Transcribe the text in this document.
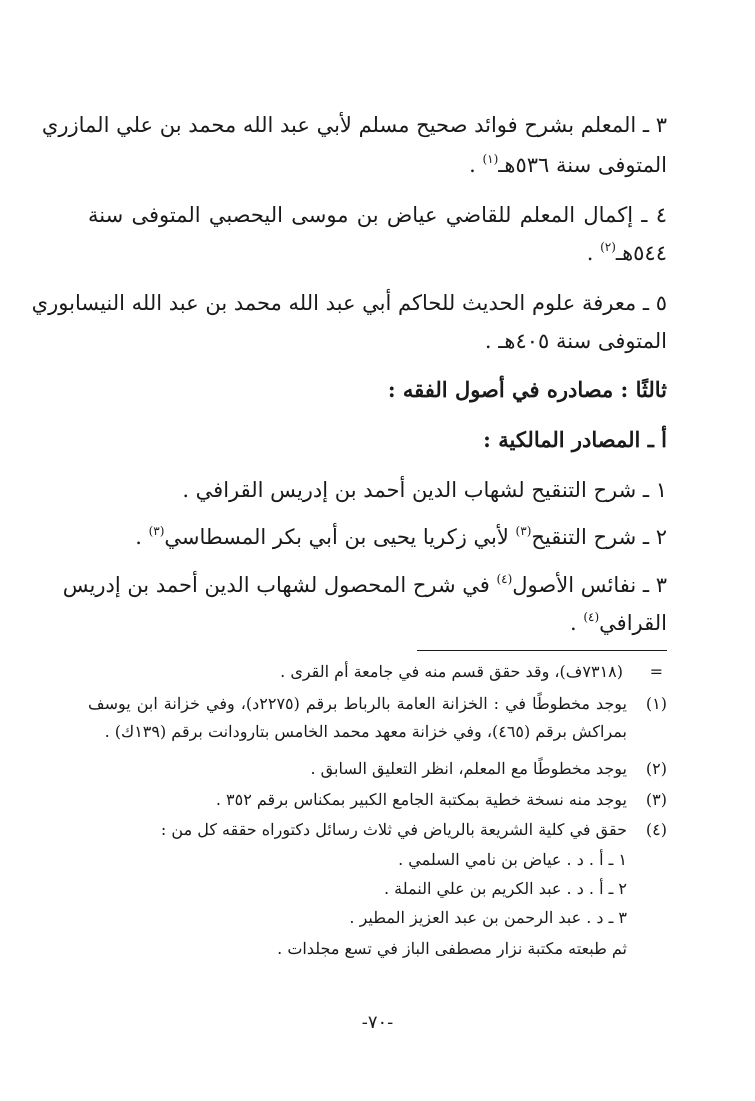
٣ ـ المعلم بشرح فوائد صحيح مسلم لأبي عبد الله محمد بن علي المازري
المتوفى سنة ٥٣٦هـ$^{(١)}$ .
٤ ـ إكمال المعلم للقاضي عياض بن موسى اليحصبي المتوفى سنة
٥٤٤هـ$^{(٢)}$ .
٥ ـ معرفة علوم الحديث للحاكم أبي عبد الله محمد بن عبد الله النيسابوري
المتوفى سنة ٤٠٥هـ .
ثالثًا : مصادره في أصول الفقه :
أ ـ المصادر المالكية :
١ ـ شرح التنقيح لشهاب الدين أحمد بن إدريس القرافي .
٢ ـ شرح التنقيح$^{(٣)}$ لأبي زكريا يحيى بن أبي بكر المسطاسي$^{(٣)}$ .
٣ ـ نفائس الأصول$^{(٤)}$ في شرح المحصول لشهاب الدين أحمد بن إدريس
القرافي$^{(٤)}$ .
=
(٧٣١٨ف)، وقد حقق قسم منه في جامعة أم القرى .
(١)
يوجد مخطوطًا في : الخزانة العامة بالرباط برقم (٢٢٧٥د)، وفي خزانة ابن يوسف
بمراكش برقم (٤٦٥)، وفي خزانة معهد محمد الخامس بتارودانت برقم (١٣٩ك) .
(٢)
يوجد مخطوطًا مع المعلم، انظر التعليق السابق .
(٣)
يوجد منه نسخة خطية بمكتبة الجامع الكبير بمكناس برقم ٣٥٢ .
(٤)
حقق في كلية الشريعة بالرياض في ثلاث رسائل دكتوراه حققه كل من :
١ ـ أ . د . عياض بن نامي السلمي .
٢ ـ أ . د . عبد الكريم بن علي النملة .
٣ ـ د . عبد الرحمن بن عبد العزيز المطير .
ثم طبعته مكتبة نزار مصطفى الباز في تسع مجلدات .
-٧٠-
